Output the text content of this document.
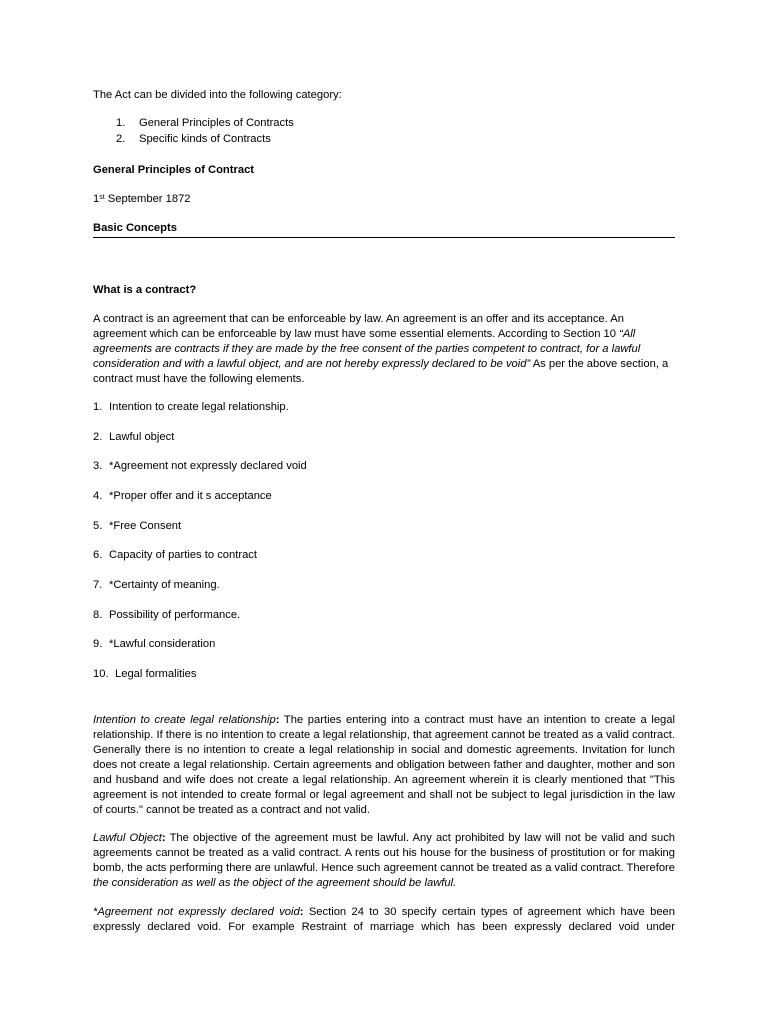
The Act can be divided into the following category:

1. General Principles of Contracts
2. Specific kinds of Contracts

General Principles of Contract

1st September 1872

Basic Concepts

What is a contract?

A contract is an agreement that can be enforceable by law. An agreement is an offer and its acceptance. An agreement which can be enforceable by law must have some essential elements. According to Section 10 “All agreements are contracts if they are made by the free consent of the parties competent to contract, for a lawful consideration and with a lawful object, and are not hereby expressly declared to be void” As per the above section, a contract must have the following elements.

1. Intention to create legal relationship.
2. Lawful object
3. *Agreement not expressly declared void
4. *Proper offer and it s acceptance
5. *Free Consent
6. Capacity of parties to contract
7. *Certainty of meaning.
8. Possibility of performance.
9. *Lawful consideration
10. Legal formalities

Intention to create legal relationship: The parties entering into a contract must have an intention to create a legal relationship. If there is no intention to create a legal relationship, that agreement cannot be treated as a valid contract. Generally there is no intention to create a legal relationship in social and domestic agreements. Invitation for lunch does not create a legal relationship. Certain agreements and obligation between father and daughter, mother and son and husband and wife does not create a legal relationship. An agreement wherein it is clearly mentioned that "This agreement is not intended to create formal or legal agreement and shall not be subject to legal jurisdiction in the law of courts." cannot be treated as a contract and not valid.

Lawful Object: The objective of the agreement must be lawful. Any act prohibited by law will not be valid and such agreements cannot be treated as a valid contract. A rents out his house for the business of prostitution or for making bomb, the acts performing there are unlawful. Hence such agreement cannot be treated as a valid contract. Therefore the consideration as well as the object of the agreement should be lawful.

*Agreement not expressly declared void: Section 24 to 30 specify certain types of agreement which have been expressly declared void. For example Restraint of marriage which has been expressly declared void under
